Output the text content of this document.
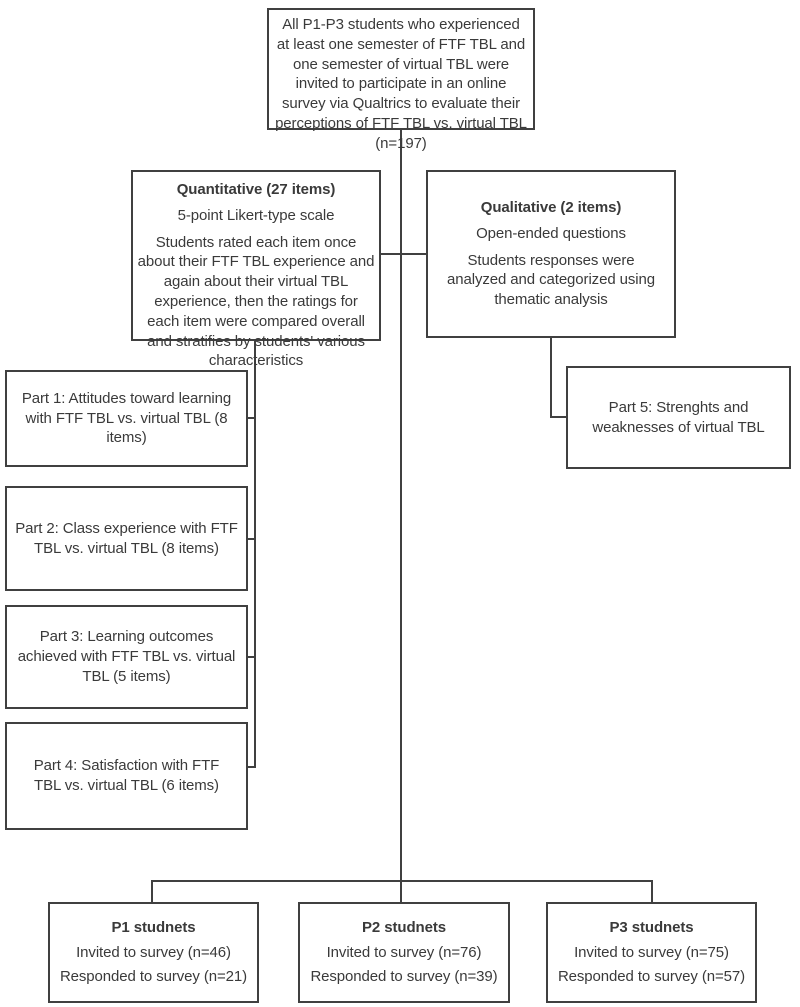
All P1-P3 students who experienced at least one semester of FTF TBL and one semester of virtual TBL were invited to participate in an online survey via Qualtrics to evaluate their perceptions of FTF TBL vs. virtual TBL (n=197)
Quantitative (27 items)
5-point Likert-type scale
Students rated each item once about their FTF TBL experience and again about their virtual TBL experience, then the ratings for each item were compared overall and stratifies by students' various characteristics
Qualitative (2 items)
Open-ended questions
Students responses were analyzed and categorized using thematic analysis
Part 1: Attitudes toward learning with FTF TBL vs. virtual TBL (8 items)
Part 2: Class experience with FTF TBL vs. virtual TBL (8 items)
Part 3: Learning outcomes achieved with FTF TBL vs. virtual TBL (5 items)
Part 4: Satisfaction with FTF TBL vs. virtual TBL (6 items)
Part 5: Strenghts and weaknesses of virtual TBL
P1 studnets
Invited to survey (n=46)
Responded to survey (n=21)
P2 studnets
Invited to survey (n=76)
Responded to survey (n=39)
P3 studnets
Invited to survey (n=75)
Responded to survey (n=57)
